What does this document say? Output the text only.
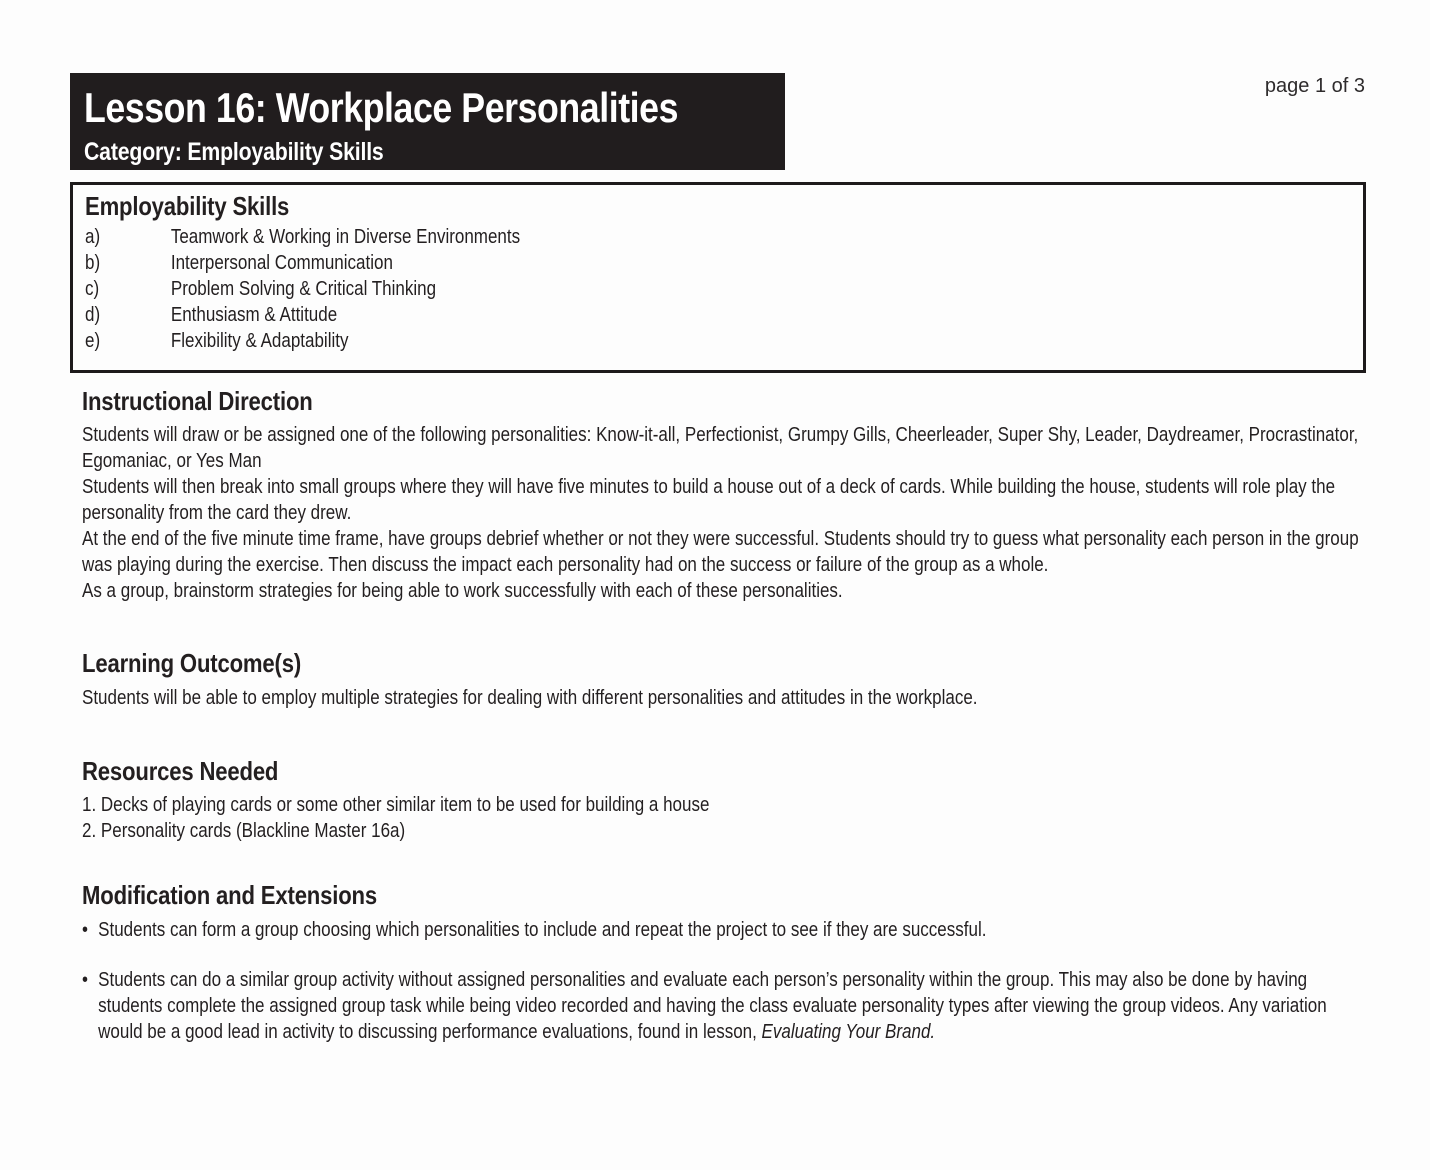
Lesson 16: Workplace Personalities
Category: Employability Skills
page 1 of 3
Employability Skills
a)	Teamwork & Working in Diverse Environments
b)	Interpersonal Communication
c)	Problem Solving & Critical Thinking
d)	Enthusiasm & Attitude
e)	Flexibility & Adaptability
Instructional Direction

Students will draw or be assigned one of the following personalities: Know-it-all, Perfectionist, Grumpy Gills, Cheerleader, Super Shy, Leader, Daydreamer, Procrastinator, Egomaniac, or Yes Man

Students will then break into small groups where they will have five minutes to build a house out of a deck of cards. While building the house, students will role play the personality from the card they drew.

At the end of the five minute time frame, have groups debrief whether or not they were successful. Students should try to guess what personality each person in the group was playing during the exercise. Then discuss the impact each personality had on the success or failure of the group as a whole.

As a group, brainstorm strategies for being able to work successfully with each of these personalities.

Learning Outcome(s)

Students will be able to employ multiple strategies for dealing with different personalities and attitudes in the workplace.

Resources Needed

1. Decks of playing cards or some other similar item to be used for building a house

2. Personality cards (Blackline Master 16a)

Modification and Extensions
• Students can form a group choosing which personalities to include and repeat the project to see if they are successful.

• Students can do a similar group activity without assigned personalities and evaluate each person’s personality within the group. This may also be done by having students complete the assigned group task while being video recorded and having the class evaluate personality types after viewing the group videos. Any variation would be a good lead in activity to discussing performance evaluations, found in lesson, Evaluating Your Brand.
